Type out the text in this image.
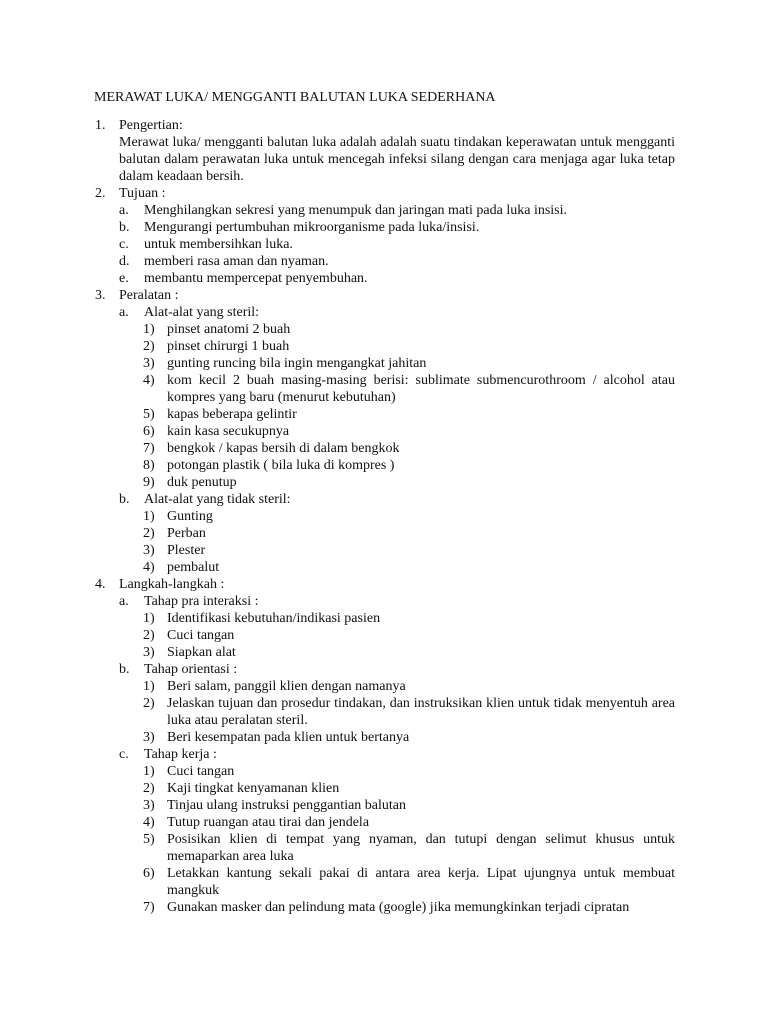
MERAWAT LUKA/ MENGGANTI BALUTAN LUKA SEDERHANA
1. Pengertian:
Merawat luka/ mengganti balutan luka adalah adalah suatu tindakan keperawatan untuk mengganti balutan dalam perawatan luka untuk mencegah infeksi silang dengan cara menjaga agar luka tetap dalam keadaan bersih.
2. Tujuan :
a. Menghilangkan sekresi yang menumpuk dan jaringan mati pada luka insisi.
b. Mengurangi pertumbuhan mikroorganisme pada luka/insisi.
c. untuk membersihkan luka.
d. memberi rasa aman dan nyaman.
e. membantu mempercepat penyembuhan.
3. Peralatan :
a. Alat-alat yang steril:
1) pinset anatomi 2 buah
2) pinset chirurgi 1 buah
3) gunting runcing bila ingin mengangkat jahitan
4) kom kecil 2 buah masing-masing berisi: sublimate submencurothroom / alcohol atau kompres yang baru (menurut kebutuhan)
5) kapas beberapa gelintir
6) kain kasa secukupnya
7) bengkok / kapas bersih di dalam bengkok
8) potongan plastik ( bila luka di kompres )
9) duk penutup
b. Alat-alat yang tidak steril:
1) Gunting
2) Perban
3) Plester
4) pembalut
4. Langkah-langkah :
a. Tahap pra interaksi :
1) Identifikasi kebutuhan/indikasi pasien
2) Cuci tangan
3) Siapkan alat
b. Tahap orientasi :
1) Beri salam, panggil klien dengan namanya
2) Jelaskan tujuan dan prosedur tindakan, dan instruksikan klien untuk tidak menyentuh area luka atau peralatan steril.
3) Beri kesempatan pada klien untuk bertanya
c. Tahap kerja :
1) Cuci tangan
2) Kaji tingkat kenyamanan klien
3) Tinjau ulang instruksi penggantian balutan
4) Tutup ruangan atau tirai dan jendela
5) Posisikan klien di tempat yang nyaman, dan tutupi dengan selimut khusus untuk memaparkan area luka
6) Letakkan kantung sekali pakai di antara area kerja. Lipat ujungnya untuk membuat mangkuk
7) Gunakan masker dan pelindung mata (google) jika memungkinkan terjadi cipratan
